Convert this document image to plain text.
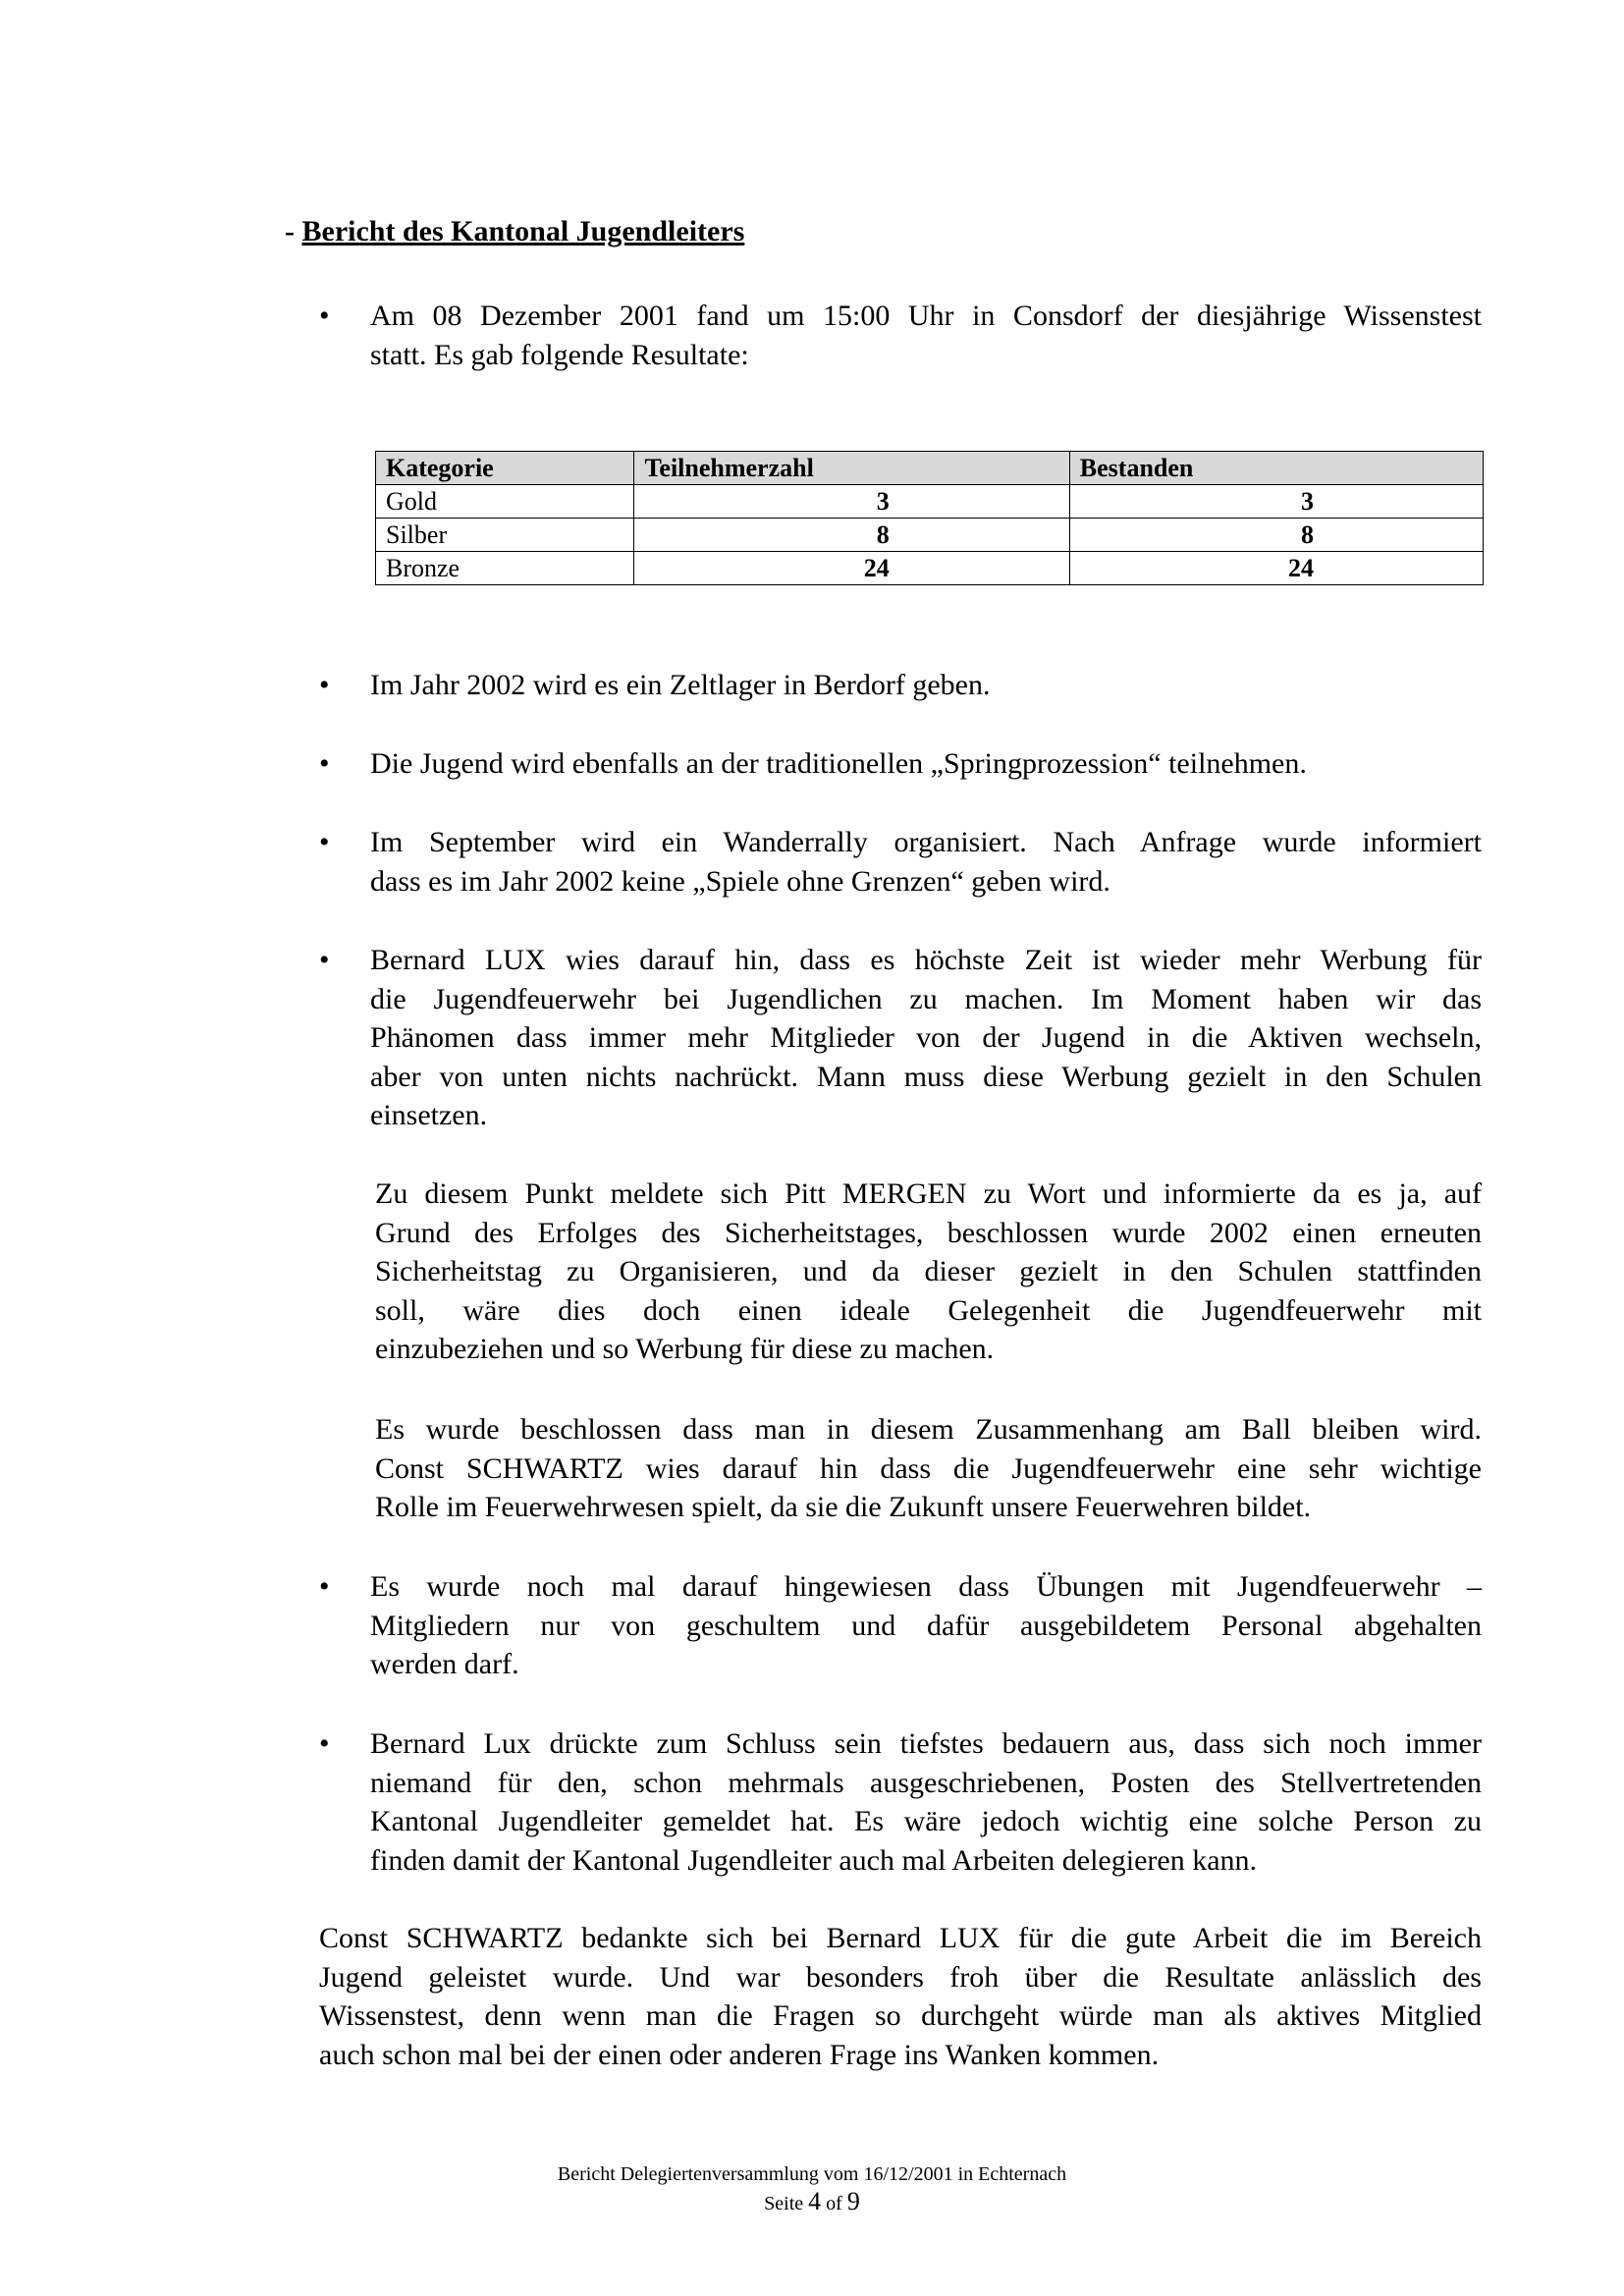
- Bericht des Kantonal Jugendleiters
• Am 08 Dezember 2001 fand um 15:00 Uhr in Consdorf der diesjährige Wissenstest
statt. Es gab folgende Resultate:
Kategorie	Teilnehmerzahl	Bestanden
Gold	3	3
Silber	8	8
Bronze	24	24
• Im Jahr 2002 wird es ein Zeltlager in Berdorf geben.
• Die Jugend wird ebenfalls an der traditionellen „Springprozession“ teilnehmen.
• Im September wird ein Wanderrally organisiert. Nach Anfrage wurde informiert
dass es im Jahr 2002 keine „Spiele ohne Grenzen“ geben wird.
• Bernard LUX wies darauf hin, dass es höchste Zeit ist wieder mehr Werbung für
die Jugendfeuerwehr bei Jugendlichen zu machen. Im Moment haben wir das
Phänomen dass immer mehr Mitglieder von der Jugend in die Aktiven wechseln,
aber von unten nichts nachrückt. Mann muss diese Werbung gezielt in den Schulen
einsetzen.
Zu diesem Punkt meldete sich Pitt MERGEN zu Wort und informierte da es ja, auf
Grund des Erfolges des Sicherheitstages, beschlossen wurde 2002 einen erneuten
Sicherheitstag zu Organisieren, und da dieser gezielt in den Schulen stattfinden
soll, wäre dies doch einen ideale Gelegenheit die Jugendfeuerwehr mit
einzubeziehen und so Werbung für diese zu machen.
Es wurde beschlossen dass man in diesem Zusammenhang am Ball bleiben wird.
Const SCHWARTZ wies darauf hin dass die Jugendfeuerwehr eine sehr wichtige
Rolle im Feuerwehrwesen spielt, da sie die Zukunft unsere Feuerwehren bildet.
• Es wurde noch mal darauf hingewiesen dass Übungen mit Jugendfeuerwehr –
Mitgliedern nur von geschultem und dafür ausgebildetem Personal abgehalten
werden darf.
• Bernard Lux drückte zum Schluss sein tiefstes bedauern aus, dass sich noch immer
niemand für den, schon mehrmals ausgeschriebenen, Posten des Stellvertretenden
Kantonal Jugendleiter gemeldet hat. Es wäre jedoch wichtig eine solche Person zu
finden damit der Kantonal Jugendleiter auch mal Arbeiten delegieren kann.
Const SCHWARTZ bedankte sich bei Bernard LUX für die gute Arbeit die im Bereich
Jugend geleistet wurde. Und war besonders froh über die Resultate anlässlich des
Wissenstest, denn wenn man die Fragen so durchgeht würde man als aktives Mitglied
auch schon mal bei der einen oder anderen Frage ins Wanken kommen.
Bericht Delegiertenversammlung vom 16/12/2001 in Echternach
Seite 4 of 9
